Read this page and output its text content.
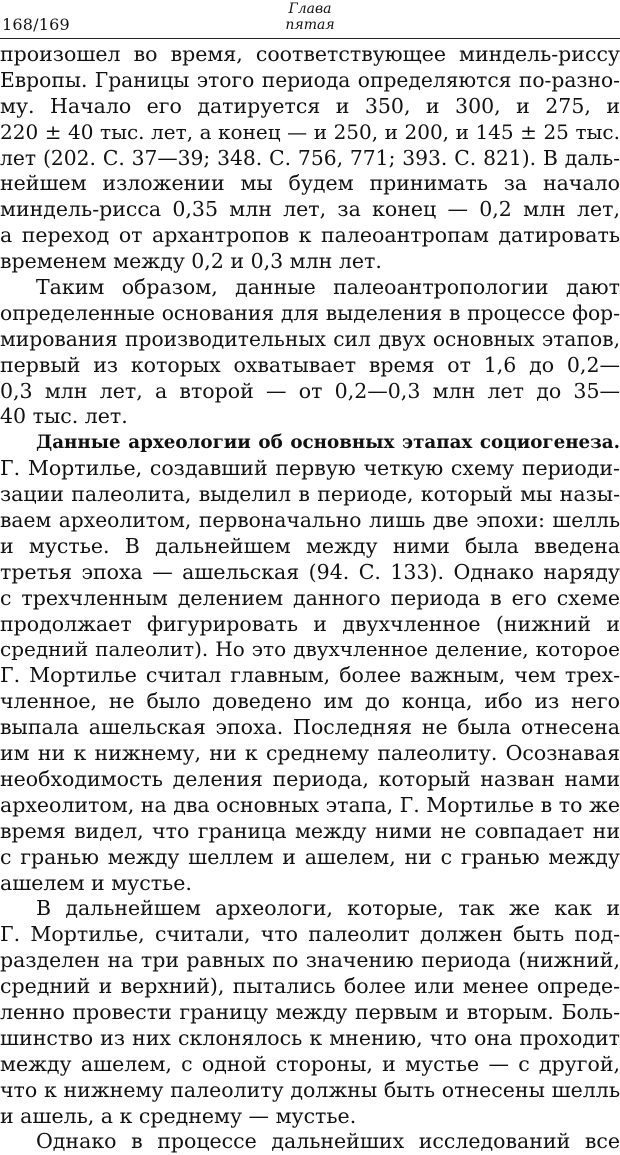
168/169
Глава
пятая
произошел во время, соответствующее миндель-риссу
Европы. Границы этого периода определяются по-разно-
му. Начало его датируется и 350, и 300, и 275, и
220 ± 40 тыс. лет, а конец — и 250, и 200, и 145 ± 25 тыс.
лет (202. С. 37—39; 348. С. 756, 771; 393. С. 821). В даль-
нейшем изложении мы будем принимать за начало
миндель-рисса 0,35 млн лет, за конец — 0,2 млн лет,
а переход от архантропов к палеоантропам датировать
временем между 0,2 и 0,3 млн лет.
Таким образом, данные палеоантропологии дают
определенные основания для выделения в процессе фор-
мирования производительных сил двух основных этапов,
первый из которых охватывает время от 1,6 до 0,2—
0,3 млн лет, а второй — от 0,2—0,3 млн лет до 35—
40 тыс. лет.
Данные археологии об основных этапах социогенеза.
Г. Мортилье, создавший первую четкую схему периоди-
зации палеолита, выделил в периоде, который мы назы-
ваем археолитом, первоначально лишь две эпохи: шелль
и мустье. В дальнейшем между ними была введена
третья эпоха — ашельская (94. С. 133). Однако наряду
с трехчленным делением данного периода в его схеме
продолжает фигурировать и двухчленное (нижний и
средний палеолит). Но это двухчленное деление, которое
Г. Мортилье считал главным, более важным, чем трех-
членное, не было доведено им до конца, ибо из него
выпала ашельская эпоха. Последняя не была отнесена
им ни к нижнему, ни к среднему палеолиту. Осознавая
необходимость деления периода, который назван нами
археолитом, на два основных этапа, Г. Мортилье в то же
время видел, что граница между ними не совпадает ни
с гранью между шеллем и ашелем, ни с гранью между
ашелем и мустье.
В дальнейшем археологи, которые, так же как и
Г. Мортилье, считали, что палеолит должен быть под-
разделен на три равных по значению периода (нижний,
средний и верхний), пытались более или менее опреде-
ленно провести границу между первым и вторым. Боль-
шинство из них склонялось к мнению, что она проходит
между ашелем, с одной стороны, и мустье — с другой,
что к нижнему палеолиту должны быть отнесены шелль
и ашель, а к среднему — мустье.
Однако в процессе дальнейших исследований все
